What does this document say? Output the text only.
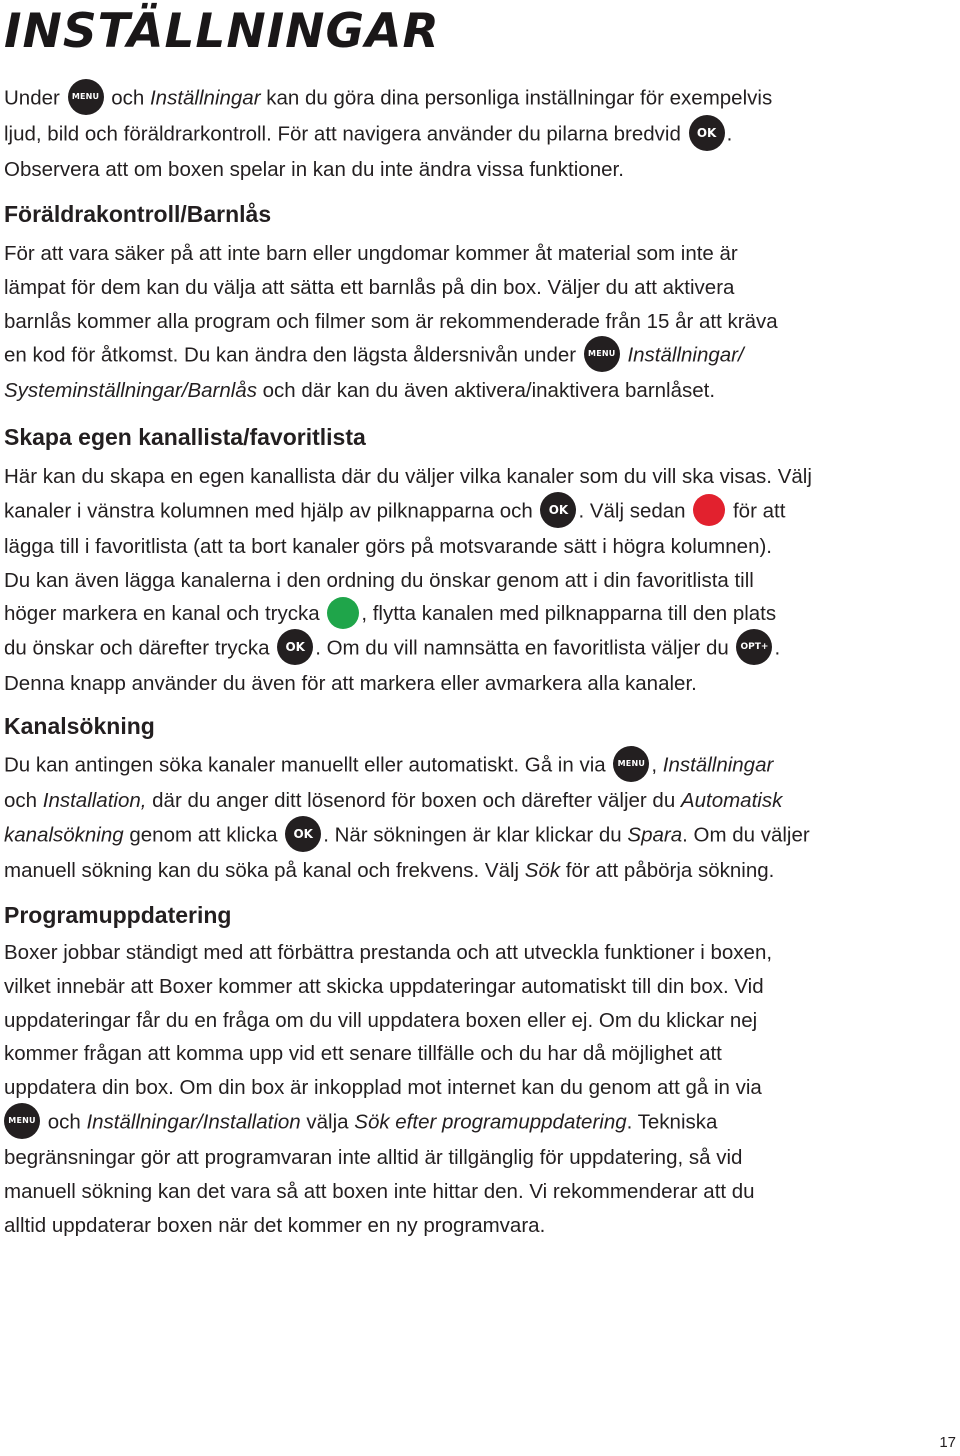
INSTÄLLNINGAR
Under MENU och Inställningar kan du göra dina personliga inställningar för exempelvis
ljud, bild och föräldrarkontroll. För att navigera använder du pilarna bredvid OK .
Observera att om boxen spelar in kan du inte ändra vissa funktioner.
Föräldrakontroll/Barnlås
För att vara säker på att inte barn eller ungdomar kommer åt material som inte är
lämpat för dem kan du välja att sätta ett barnlås på din box. Väljer du att aktivera
barnlås kommer alla program och filmer som är rekommenderade från 15 år att kräva
en kod för åtkomst. Du kan ändra den lägsta åldersnivån under MENU Inställningar/
Systeminställningar/Barnlås och där kan du även aktivera/inaktivera barnlåset.
Skapa egen kanallista/favoritlista
Här kan du skapa en egen kanallista där du väljer vilka kanaler som du vill ska visas. Välj
kanaler i vänstra kolumnen med hjälp av pilknapparna och OK . Välj sedan  för att
lägga till i favoritlista (att ta bort kanaler görs på motsvarande sätt i högra kolumnen).
Du kan även lägga kanalerna i den ordning du önskar genom att i din favoritlista till
höger markera en kanal och trycka , flytta kanalen med pilknapparna till den plats
du önskar och därefter trycka OK . Om du vill namnsätta en favoritlista väljer du OPT+ .
Denna knapp använder du även för att markera eller avmarkera alla kanaler.
Kanalsökning
Du kan antingen söka kanaler manuellt eller automatiskt. Gå in via MENU , Inställningar
och Installation, där du anger ditt lösenord för boxen och därefter väljer du Automatisk
kanalsökning genom att klicka OK . När sökningen är klar klickar du Spara. Om du väljer
manuell sökning kan du söka på kanal och frekvens. Välj Sök för att påbörja sökning.
Programuppdatering
Boxer jobbar ständigt med att förbättra prestanda och att utveckla funktioner i boxen,
vilket innebär att Boxer kommer att skicka uppdateringar automatiskt till din box. Vid
uppdateringar får du en fråga om du vill uppdatera boxen eller ej. Om du klickar nej
kommer frågan att komma upp vid ett senare tillfälle och du har då möjlighet att
uppdatera din box. Om din box är inkopplad mot internet kan du genom att gå in via
MENU och Inställningar/Installation välja Sök efter programuppdatering. Tekniska
begränsningar gör att programvaran inte alltid är tillgänglig för uppdatering, så vid
manuell sökning kan det vara så att boxen inte hittar den. Vi rekommenderar att du
alltid uppdaterar boxen när det kommer en ny programvara.
17
